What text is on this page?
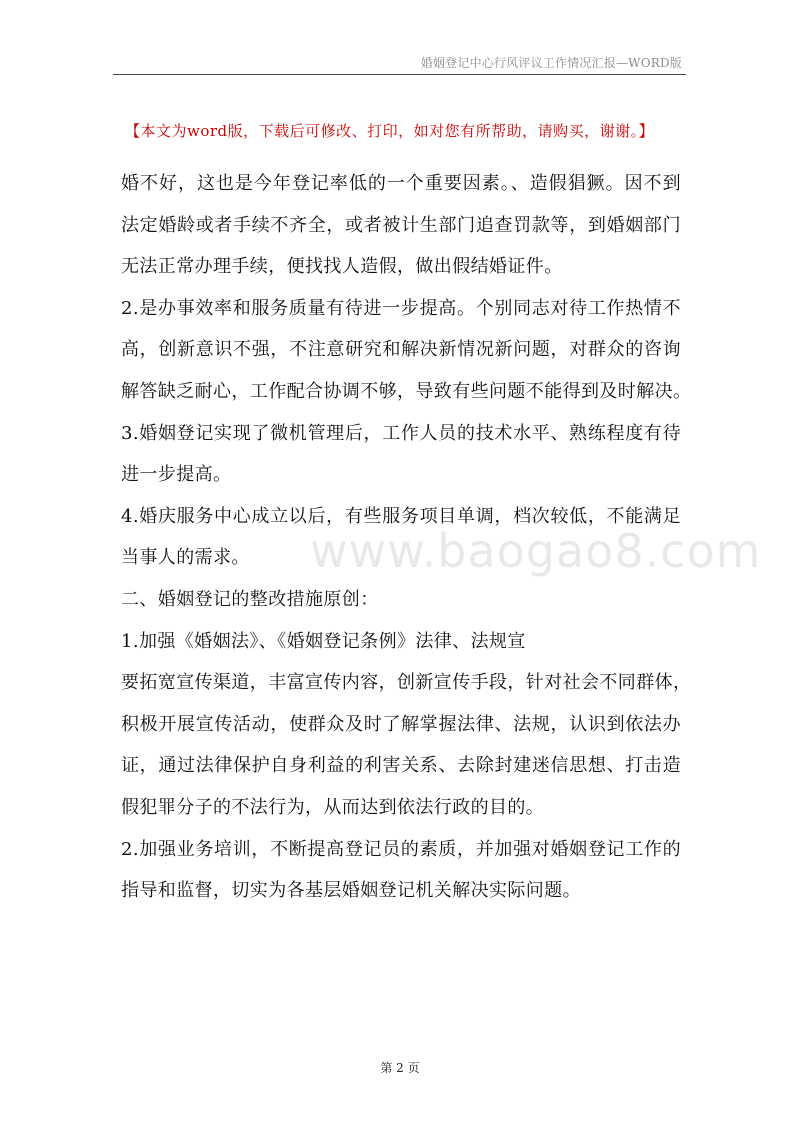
婚姻登记中心行风评议工作情况汇报—WORD版
【本文为word版，下载后可修改、打印，如对您有所帮助，请购买，谢谢。】
婚不好，这也是今年登记率低的一个重要因素。、造假猖獗。因不到
法定婚龄或者手续不齐全，或者被计生部门追查罚款等，到婚姻部门
无法正常办理手续，便找找人造假，做出假结婚证件。
2.是办事效率和服务质量有待进一步提高。个别同志对待工作热情不
高，创新意识不强，不注意研究和解决新情况新问题，对群众的咨询
解答缺乏耐心，工作配合协调不够，导致有些问题不能得到及时解决。
3.婚姻登记实现了微机管理后，工作人员的技术水平、熟练程度有待
进一步提高。
4.婚庆服务中心成立以后，有些服务项目单调，档次较低，不能满足
当事人的需求。
二、婚姻登记的整改措施原创：
1.加强《婚姻法》、《婚姻登记条例》法律、法规宣
要拓宽宣传渠道，丰富宣传内容，创新宣传手段，针对社会不同群体，
积极开展宣传活动，使群众及时了解掌握法律、法规，认识到依法办
证，通过法律保护自身利益的利害关系、去除封建迷信思想、打击造
假犯罪分子的不法行为，从而达到依法行政的目的。
2.加强业务培训，不断提高登记员的素质，并加强对婚姻登记工作的
指导和监督，切实为各基层婚姻登记机关解决实际问题。
www.baogao8.com
第 2 页
